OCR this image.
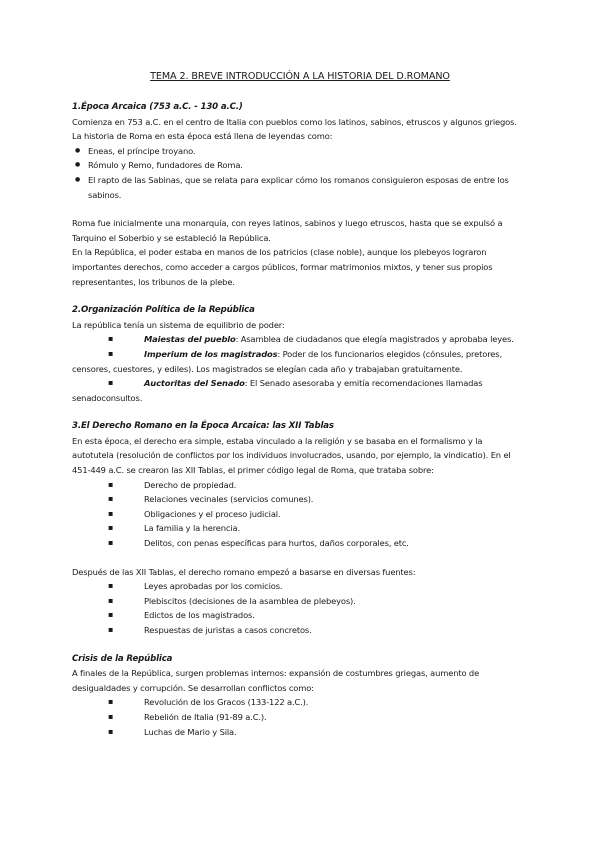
TEMA 2. BREVE INTRODUCCIÓN A LA HISTORIA DEL D.ROMANO

1.Época Arcaica (753 a.C. - 130 a.C.)

Comienza en 753 a.C. en el centro de Italia con pueblos como los latinos, sabinos, etruscos y algunos griegos. La historia de Roma en esta época está llena de leyendas como:

● Eneas, el príncipe troyano.
● Rómulo y Remo, fundadores de Roma.
● El rapto de las Sabinas, que se relata para explicar cómo los romanos consiguieron esposas de entre los sabinos.

Roma fue inicialmente una monarquía, con reyes latinos, sabinos y luego etruscos, hasta que se expulsó a Tarquino el Soberbio y se estableció la República.

En la República, el poder estaba en manos de los patricios (clase noble), aunque los plebeyos lograron importantes derechos, como acceder a cargos públicos, formar matrimonios mixtos, y tener sus propios representantes, los tribunos de la plebe.

2.Organización Política de la República

La república tenía un sistema de equilibrio de poder:

▪	Maiestas del pueblo: Asamblea de ciudadanos que elegía magistrados y aprobaba leyes.
▪	Imperium de los magistrados: Poder de los funcionarios elegidos (cónsules, pretores, censores, cuestores, y ediles). Los magistrados se elegían cada año y trabajaban gratuitamente.
▪	Auctoritas del Senado: El Senado asesoraba y emitía recomendaciones llamadas senadoconsultos.

3.El Derecho Romano en la Época Arcaica: las XII Tablas

En esta época, el derecho era simple, estaba vinculado a la religión y se basaba en el formalismo y la autotutela (resolución de conflictos por los individuos involucrados, usando, por ejemplo, la vindicatio). En el 451-449 a.C. se crearon las XII Tablas, el primer código legal de Roma, que trataba sobre:

▪ Derecho de propiedad.
▪ Relaciones vecinales (servicios comunes).
▪ Obligaciones y el proceso judicial.
▪ La familia y la herencia.
▪ Delitos, con penas específicas para hurtos, daños corporales, etc.

Después de las XII Tablas, el derecho romano empezó a basarse en diversas fuentes:

▪ Leyes aprobadas por los comicios.
▪ Plebiscitos (decisiones de la asamblea de plebeyos).
▪ Edictos de los magistrados.
▪ Respuestas de juristas a casos concretos.

Crisis de la República

A finales de la República, surgen problemas internos: expansión de costumbres griegas, aumento de desigualdades y corrupción. Se desarrollan conflictos como:

▪ Revolución de los Gracos (133-122 a.C.).
▪ Rebelión de Italia (91-89 a.C.).
▪ Luchas de Mario y Sila.
